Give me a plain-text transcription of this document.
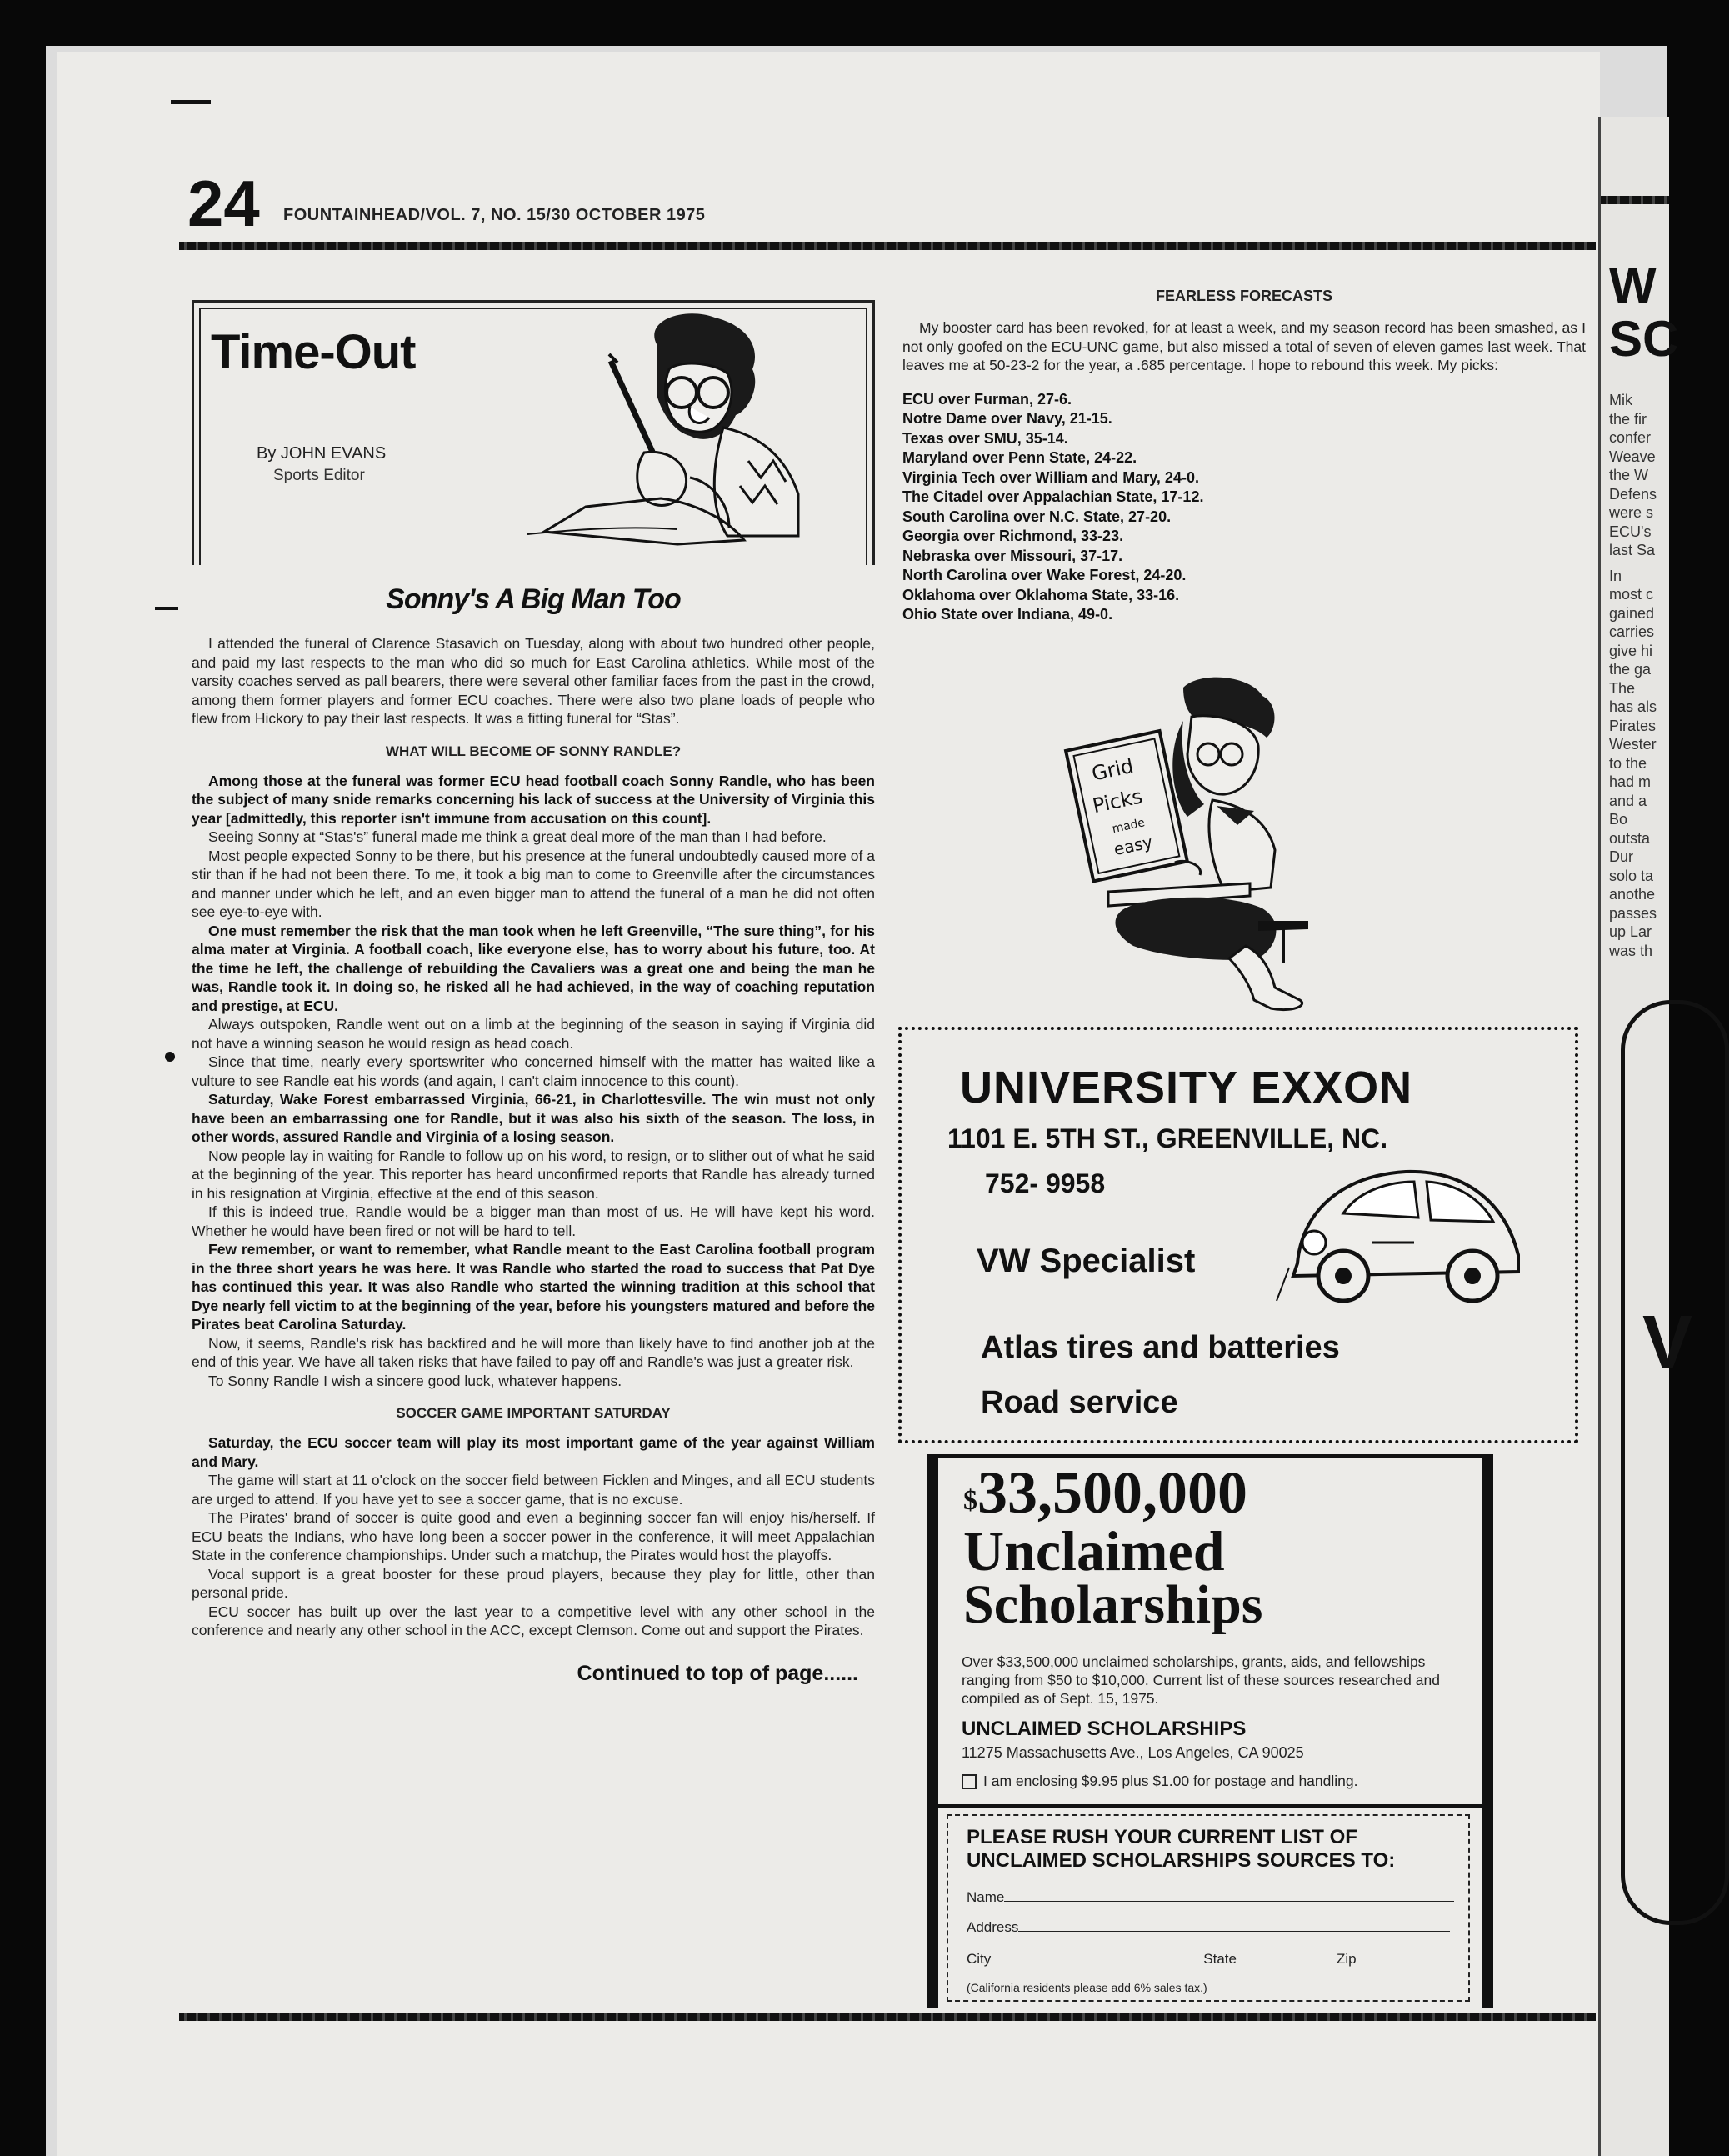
W
SC
Mik
the fir
confer
Weave
the W
Defens
were s
ECU's
last Sa
In
most c
gained
carries
give hi
the ga
The
has als
Pirates
Wester
to the
had m
and a
Bo
outsta
Dur
solo ta
anothe
passes
up Lar
was th
V
24 FOUNTAINHEAD/VOL. 7, NO. 15/30 OCTOBER 1975
Time-Out
By JOHN EVANS
Sports Editor
Sonny's A Big Man Too

I attended the funeral of Clarence Stasavich on Tuesday, along with about two hundred other people, and paid my last respects to the man who did so much for East Carolina athletics. While most of the varsity coaches served as pall bearers, there were several other familiar faces from the past in the crowd, among them former players and former ECU coaches. There were also two plane loads of people who flew from Hickory to pay their last respects. It was a fitting funeral for “Stas”.

WHAT WILL BECOME OF SONNY RANDLE?

Among those at the funeral was former ECU head football coach Sonny Randle, who has been the subject of many snide remarks concerning his lack of success at the University of Virginia this year [admittedly, this reporter isn't immune from accusation on this count].

Seeing Sonny at “Stas's” funeral made me think a great deal more of the man than I had before.

Most people expected Sonny to be there, but his presence at the funeral undoubtedly caused more of a stir than if he had not been there. To me, it took a big man to come to Greenville after the circumstances and manner under which he left, and an even bigger man to attend the funeral of a man he did not often see eye-to-eye with.

One must remember the risk that the man took when he left Greenville, “The sure thing”, for his alma mater at Virginia. A football coach, like everyone else, has to worry about his future, too. At the time he left, the challenge of rebuilding the Cavaliers was a great one and being the man he was, Randle took it. In doing so, he risked all he had achieved, in the way of coaching reputation and prestige, at ECU.

Always outspoken, Randle went out on a limb at the beginning of the season in saying if Virginia did not have a winning season he would resign as head coach.

Since that time, nearly every sportswriter who concerned himself with the matter has waited like a vulture to see Randle eat his words (and again, I can't claim innocence to this count).

Saturday, Wake Forest embarrassed Virginia, 66-21, in Charlottesville. The win must not only have been an embarrassing one for Randle, but it was also his sixth of the season. The loss, in other words, assured Randle and Virginia of a losing season.

Now people lay in waiting for Randle to follow up on his word, to resign, or to slither out of what he said at the beginning of the year. This reporter has heard unconfirmed reports that Randle has already turned in his resignation at Virginia, effective at the end of this season.

If this is indeed true, Randle would be a bigger man than most of us. He will have kept his word. Whether he would have been fired or not will be hard to tell.

Few remember, or want to remember, what Randle meant to the East Carolina football program in the three short years he was here. It was Randle who started the road to success that Pat Dye has continued this year. It was also Randle who started the winning tradition at this school that Dye nearly fell victim to at the beginning of the year, before his youngsters matured and before the Pirates beat Carolina Saturday.

Now, it seems, Randle's risk has backfired and he will more than likely have to find another job at the end of this year. We have all taken risks that have failed to pay off and Randle's was just a greater risk.

To Sonny Randle I wish a sincere good luck, whatever happens.

SOCCER GAME IMPORTANT SATURDAY

Saturday, the ECU soccer team will play its most important game of the year against William and Mary.

The game will start at 11 o'clock on the soccer field between Ficklen and Minges, and all ECU students are urged to attend. If you have yet to see a soccer game, that is no excuse.

The Pirates' brand of soccer is quite good and even a beginning soccer fan will enjoy his/herself. If ECU beats the Indians, who have long been a soccer power in the conference, it will meet Appalachian State in the conference championships. Under such a matchup, the Pirates would host the playoffs.

Vocal support is a great booster for these proud players, because they play for little, other than personal pride.

ECU soccer has built up over the last year to a competitive level with any other school in the conference and nearly any other school in the ACC, except Clemson. Come out and support the Pirates.

Continued to top of page......
FEARLESS FORECASTS

My booster card has been revoked, for at least a week, and my season record has been smashed, as I not only goofed on the ECU-UNC game, but also missed a total of seven of eleven games last week. That leaves me at 50-23-2 for the year, a .685 percentage. I hope to rebound this week. My picks:

ECU over Furman, 27-6.
Notre Dame over Navy, 21-15.
Texas over SMU, 35-14.
Maryland over Penn State, 24-22.
Virginia Tech over William and Mary, 24-0.
The Citadel over Appalachian State, 17-12.
South Carolina over N.C. State, 27-20.
Georgia over Richmond, 33-23.
Nebraska over Missouri, 37-17.
North Carolina over Wake Forest, 24-20.
Oklahoma over Oklahoma State, 33-16.
Ohio State over Indiana, 49-0.
Grid
Picks
made
easy
UNIVERSITY EXXON
1101 E. 5TH ST., GREENVILLE, NC.
752- 9958
VW Specialist
Atlas tires and batteries
Road service
$33,500,000
Unclaimed
Scholarships
Over $33,500,000 unclaimed scholarships, grants, aids, and fellowships ranging from $50 to $10,000. Current list of these sources researched and compiled as of Sept. 15, 1975.
UNCLAIMED SCHOLARSHIPS
11275 Massachusetts Ave., Los Angeles, CA 90025
I am enclosing $9.95 plus $1.00 for postage and handling.
PLEASE RUSH YOUR CURRENT LIST OF
UNCLAIMED SCHOLARSHIPS SOURCES TO:
Name
Address
City	State	Zip
(California residents please add 6% sales tax.)
